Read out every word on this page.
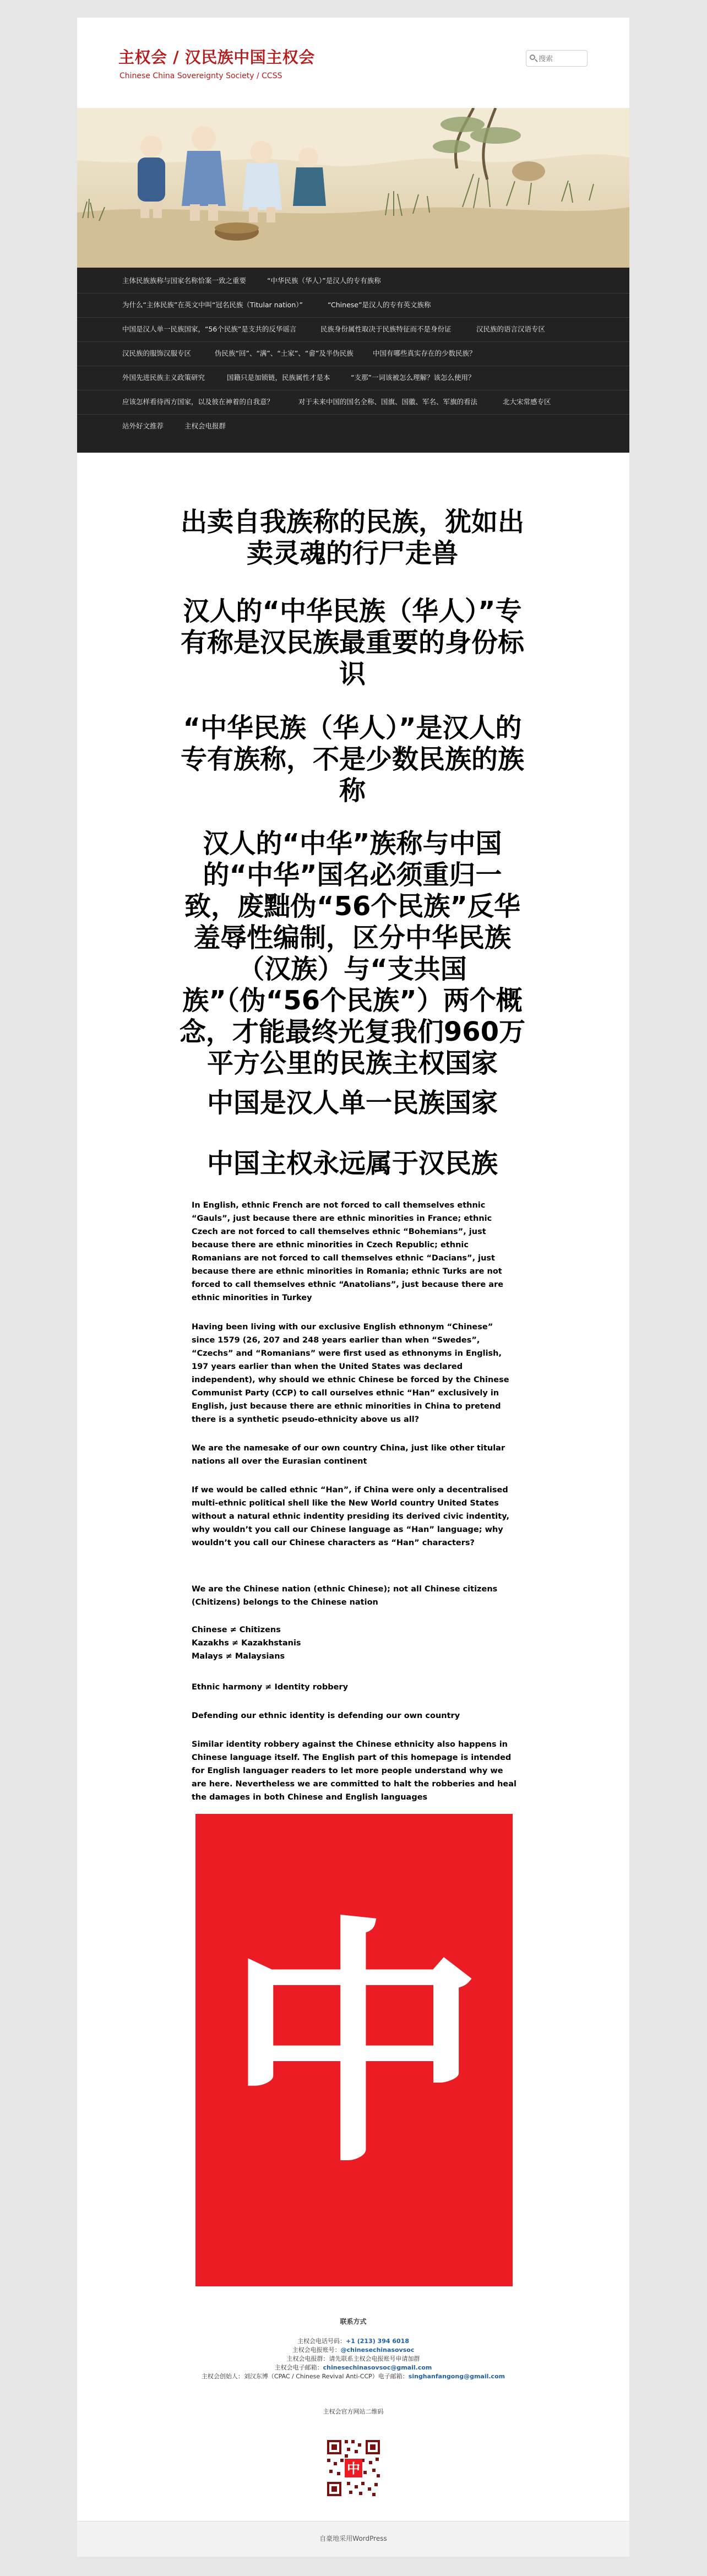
主权会 / 汉民族中国主权会

Chinese China Sovereignty Society / CCSS

搜索
主体民族族称与国家名称恰案一致之重要	“中华民族（华人）”是汉人的专有族称
为什么“主体民族”在英文中叫“冠名民族（Titular nation）”	“Chinese”是汉人的专有英文族称
中国是汉人单一民族国家，“56个民族”是支共的反华谣言	民族身份属性取决于民族特征而不是身份证	汉民族的语言汉语专区
汉民族的服饰汉服专区	伪民族“回”、“满”、“土家”、“畲”及半伪民族	中国有哪些真实存在的少数民族？
外国先进民族主义政策研究	国籍只是加锁链，民族属性才是本	“支那”一词该被怎么理解？该怎么使用？
应该怎样看待西方国家，以及彼在神着的自我意？	对于未来中国的国名全称、国旗、国徽、军名、军旗的看法	北大宋常感专区
站外好文推荐	主权会电报群
出卖自我族称的民族，犹如出卖灵魂的行尸走兽
汉人的“中华民族（华人）”专有称是汉民族最重要的身份标识
“中华民族（华人）”是汉人的专有族称，不是少数民族的族称
汉人的“中华”族称与中国的“中华”国名必须重归一致，废黜伪“56个民族”反华羞辱性编制，区分中华民族（汉族）与“支共国族”（伪“56个民族”）两个概念，才能最终光复我们960万平方公里的民族主权国家
中国是汉人单一民族国家
中国主权永远属于汉民族

In English, ethnic French are not forced to call themselves ethnic “Gauls”, just because there are ethnic minorities in France; ethnic Czech are not forced to call themselves ethnic “Bohemians”, just because there are ethnic minorities in Czech Republic; ethnic Romanians are not forced to call themselves ethnic “Dacians”, just because there are ethnic minorities in Romania; ethnic Turks are not forced to call themselves ethnic “Anatolians”, just because there are ethnic minorities in Turkey

Having been living with our exclusive English ethnonym “Chinese” since 1579 (26, 207 and 248 years earlier than when “Swedes”, “Czechs” and “Romanians” were first used as ethnonyms in English, 197 years earlier than when the United States was declared independent), why should we ethnic Chinese be forced by the Chinese Communist Party (CCP) to call ourselves ethnic “Han” exclusively in English, just because there are ethnic minorities in China to pretend there is a synthetic pseudo-ethnicity above us all?

We are the namesake of our own country China, just like other titular nations all over the Eurasian continent

If we would be called ethnic “Han”, if China were only a decentralised multi-ethnic political shell like the New World country United States without a natural ethnic indentity presiding its derived civic indentity, why wouldn’t you call our Chinese language as “Han” language; why wouldn’t you call our Chinese characters as “Han” characters?

We are the Chinese nation (ethnic Chinese); not all Chinese citizens (Chitizens) belongs to the Chinese nation

Chinese ≠ Chitizens
Kazakhs ≠ Kazakhstanis
Malays ≠ Malaysians

Ethnic harmony ≠ Identity robbery

Defending our ethnic identity is defending our own country

Similar identity robbery against the Chinese ethnicity also happens in Chinese language itself. The English part of this homepage is intended for English languager readers to let more people understand why we are here. Nevertheless we are committed to halt the robberies and heal the damages in both Chinese and English languages

中

联系方式

主权会电话号码：+1 (213) 394 6018

主权会电报账号：@chinesechinasovsoc

主权会电报群：请先联系主权会电报账号申请加群

主权会电子邮箱：chinesechinasovsoc@gmail.com

主权会创始人：刘汉东博（CPAC / Chinese Revival Anti-CCP）电子邮箱：singhanfangong@gmail.com

主权会官方网站二维码

中
自豪地采用WordPress
